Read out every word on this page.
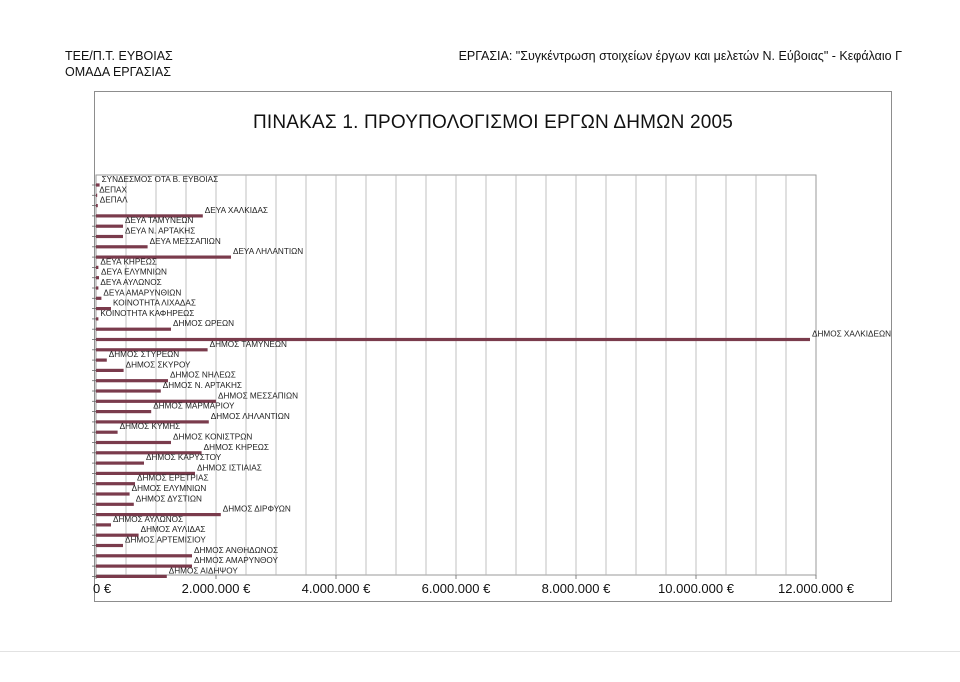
ΤΕΕ/Π.Τ. ΕΥΒΟΙΑΣ
ΟΜΑΔΑ ΕΡΓΑΣΙΑΣ
ΕΡΓΑΣΙΑ: "Συγκέντρωση στοιχείων έργων και μελετών Ν. Εύβοιας" - Κεφάλαιο Γ
ΠΙΝΑΚΑΣ 1. ΠΡΟΥΠΟΛΟΓΙΣΜΟΙ ΕΡΓΩΝ ΔΗΜΩΝ 2005
ΣΥΝΔΕΣΜΟΣ ΟΤΑ Β. ΕΥΒΟΙΑΣ
ΔΕΠΑΧ
ΔΕΠΑΛ
ΔΕΥΑ ΧΑΛΚΙΔΑΣ
ΔΕΥΑ ΤΑΜΥΝΕΩΝ
ΔΕΥΑ Ν. ΑΡΤΑΚΗΣ
ΔΕΥΑ ΜΕΣΣΑΠΙΩΝ
ΔΕΥΑ ΛΗΛΑΝΤΙΩΝ
ΔΕΥΑ ΚΗΡΕΩΣ
ΔΕΥΑ ΕΛΥΜΝΙΩΝ
ΔΕΥΑ ΑΥΛΩΝΟΣ
ΔΕΥΑ ΑΜΑΡΥΝΘΙΩΝ
ΚΟΙΝΟΤΗΤΑ ΛΙΧΑΔΑΣ
ΚΟΙΝΟΤΗΤΑ ΚΑΦΗΡΕΩΣ
ΔΗΜΟΣ ΩΡΕΩΝ
ΔΗΜΟΣ ΧΑΛΚΙΔΕΩΝ
ΔΗΜΟΣ ΤΑΜΥΝΕΩΝ
ΔΗΜΟΣ ΣΤΥΡΕΩΝ
ΔΗΜΟΣ ΣΚΥΡΟΥ
ΔΗΜΟΣ ΝΗΛΕΩΣ
ΔΗΜΟΣ Ν. ΑΡΤΑΚΗΣ
ΔΗΜΟΣ ΜΕΣΣΑΠΙΩΝ
ΔΗΜΟΣ ΜΑΡΜΑΡΙΟΥ
ΔΗΜΟΣ ΛΗΛΑΝΤΙΩΝ
ΔΗΜΟΣ ΚΥΜΗΣ
ΔΗΜΟΣ ΚΟΝΙΣΤΡΩΝ
ΔΗΜΟΣ ΚΗΡΕΩΣ
ΔΗΜΟΣ ΚΑΡΥΣΤΟΥ
ΔΗΜΟΣ ΙΣΤΙΑΙΑΣ
ΔΗΜΟΣ ΕΡΕΤΡΙΑΣ
ΔΗΜΟΣ ΕΛΥΜΝΙΩΝ
ΔΗΜΟΣ ΔΥΣΤΙΩΝ
ΔΗΜΟΣ ΔΙΡΦΥΩΝ
ΔΗΜΟΣ ΑΥΛΩΝΟΣ
ΔΗΜΟΣ ΑΥΛΙΔΑΣ
ΔΗΜΟΣ ΑΡΤΕΜΙΣΙΟΥ
ΔΗΜΟΣ ΑΝΘΗΔΩΝΟΣ
ΔΗΜΟΣ ΑΜΑΡΥΝΘΟΥ
ΔΗΜΟΣ ΑΙΔΗΨΟΥ
0 €	2.000.000 €	4.000.000 €	6.000.000 €	8.000.000 €	10.000.000 €	12.000.000 €
